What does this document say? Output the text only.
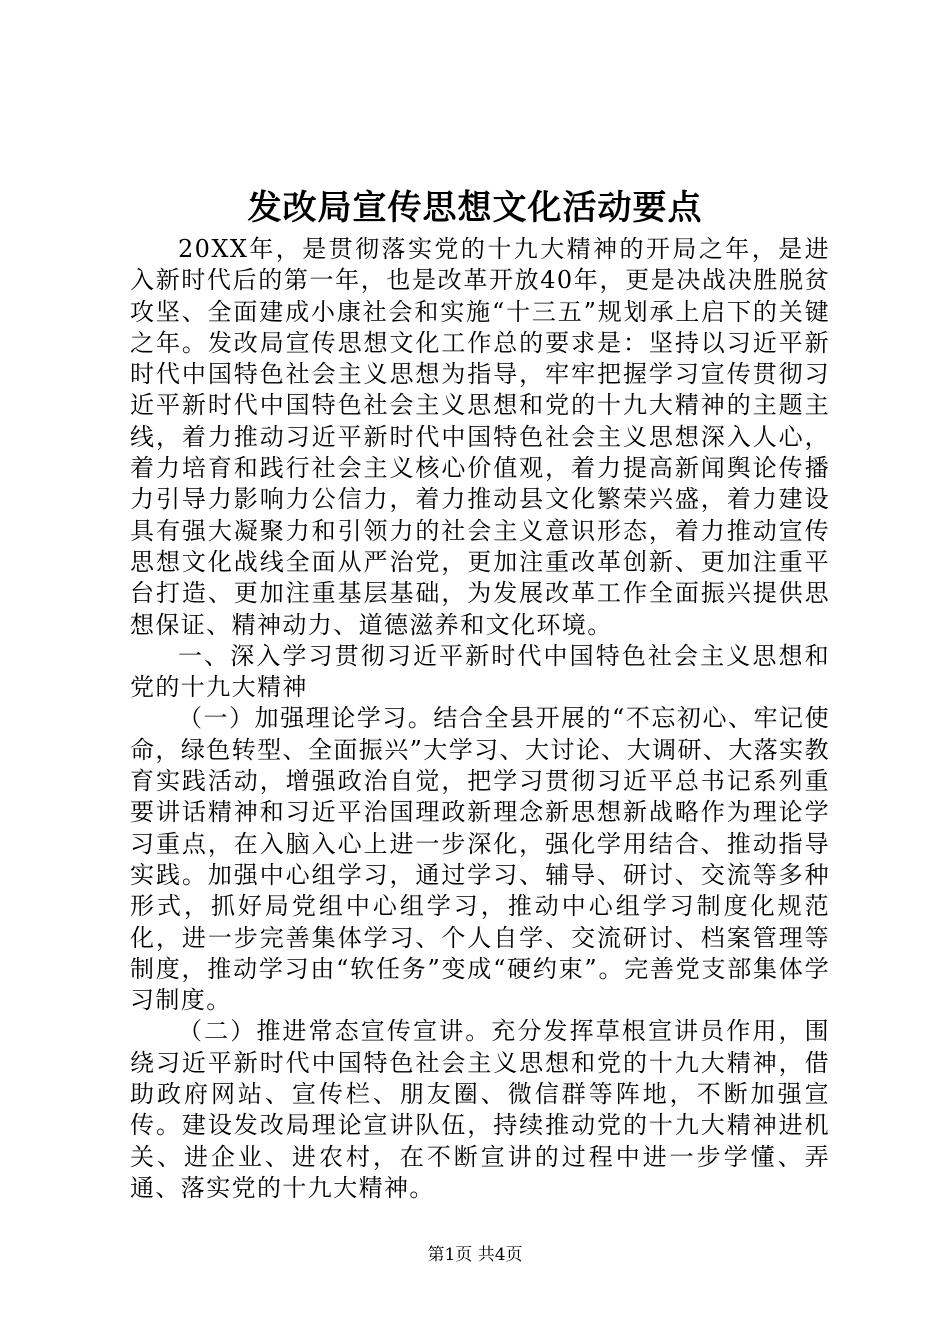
发改局宣传思想文化活动要点

20XX年，是贯彻落实党的十九大精神的开局之年，是进入新时代后的第一年，也是改革开放40年，更是决战决胜脱贫攻坚、全面建成小康社会和实施“十三五”规划承上启下的关键之年。发改局宣传思想文化工作总的要求是：坚持以习近平新时代中国特色社会主义思想为指导，牢牢把握学习宣传贯彻习近平新时代中国特色社会主义思想和党的十九大精神的主题主线，着力推动习近平新时代中国特色社会主义思想深入人心，着力培育和践行社会主义核心价值观，着力提高新闻舆论传播力引导力影响力公信力，着力推动县文化繁荣兴盛，着力建设具有强大凝聚力和引领力的社会主义意识形态，着力推动宣传思想文化战线全面从严治党，更加注重改革创新、更加注重平台打造、更加注重基层基础，为发展改革工作全面振兴提供思想保证、精神动力、道德滋养和文化环境。

一、深入学习贯彻习近平新时代中国特色社会主义思想和党的十九大精神

（一）加强理论学习。结合全县开展的“不忘初心、牢记使命，绿色转型、全面振兴”大学习、大讨论、大调研、大落实教育实践活动，增强政治自觉，把学习贯彻习近平总书记系列重要讲话精神和习近平治国理政新理念新思想新战略作为理论学习重点，在入脑入心上进一步深化，强化学用结合、推动指导实践。加强中心组学习，通过学习、辅导、研讨、交流等多种形式，抓好局党组中心组学习，推动中心组学习制度化规范化，进一步完善集体学习、个人自学、交流研讨、档案管理等制度，推动学习由“软任务”变成“硬约束”。完善党支部集体学习制度。

（二）推进常态宣传宣讲。充分发挥草根宣讲员作用，围绕习近平新时代中国特色社会主义思想和党的十九大精神，借助政府网站、宣传栏、朋友圈、微信群等阵地，不断加强宣传。建设发改局理论宣讲队伍，持续推动党的十九大精神进机关、进企业、进农村，在不断宣讲的过程中进一步学懂、弄通、落实党的十九大精神。

第1页 共4页
